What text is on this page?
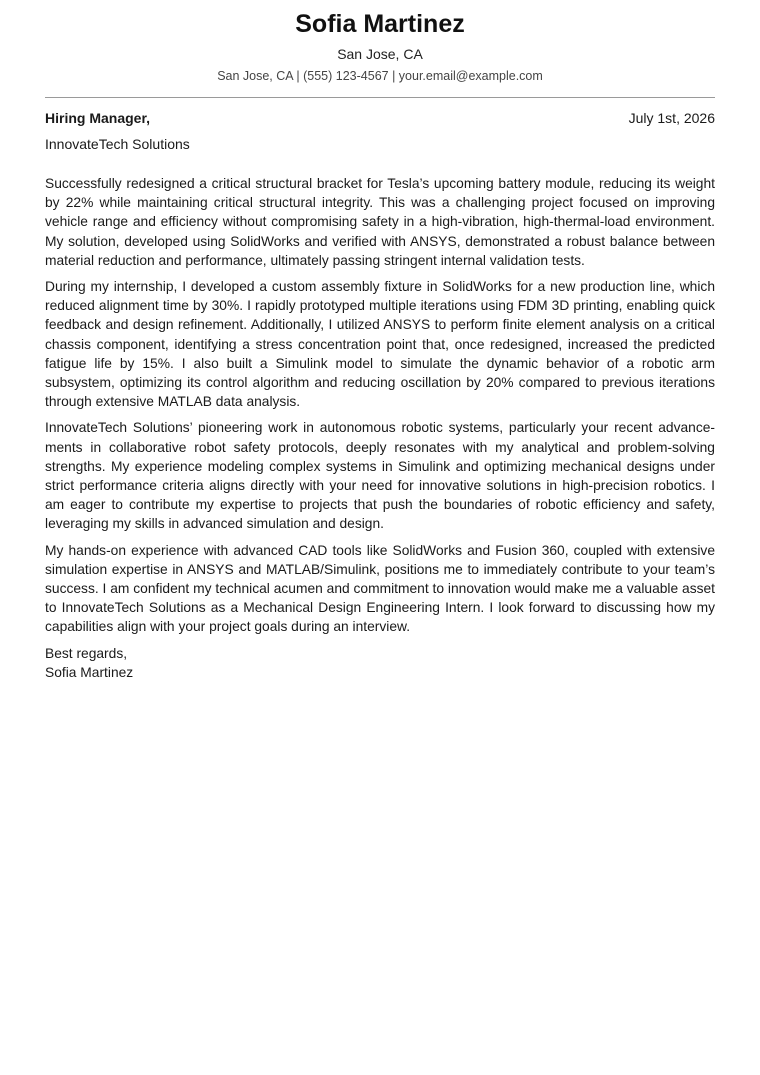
Sofia Martinez
San Jose, CA
San Jose, CA | (555) 123-4567 | your.email@example.com
Hiring Manager,	July 1st, 2026
InnovateTech Solutions

Successfully redesigned a critical structural bracket for Tesla’s upcoming battery module, reducing its weight by 22% while maintaining critical structural integrity. This was a challenging project focused on improving vehicle range and efficiency without compromising safety in a high-vibration, high-thermal-load environment. My solution, developed using SolidWorks and verified with ANSYS, demonstrated a robust balance between material reduction and performance, ultimately passing stringent internal validation tests.

During my internship, I developed a custom assembly fixture in SolidWorks for a new production line, which reduced alignment time by 30%. I rapidly prototyped multiple iterations using FDM 3D printing, enabling quick feedback and design refinement. Additionally, I utilized ANSYS to perform finite element analysis on a critical chassis component, identifying a stress concentration point that, once redesigned, increased the predicted fatigue life by 15%. I also built a Simulink model to simulate the dynamic behavior of a robotic arm subsystem, optimizing its control algorithm and reducing oscillation by 20% compared to previous iterations through extensive MATLAB data analysis.

InnovateTech Solutions’ pioneering work in autonomous robotic systems, particularly your recent advancements in collaborative robot safety protocols, deeply resonates with my analytical and problem-solving strengths. My experience modeling complex systems in Simulink and optimizing mechanical designs under strict performance criteria aligns directly with your need for innovative solutions in high-precision robotics. I am eager to contribute my expertise to projects that push the boundaries of robotic efficiency and safety, leveraging my skills in advanced simulation and design.

My hands-on experience with advanced CAD tools like SolidWorks and Fusion 360, coupled with extensive simulation expertise in ANSYS and MATLAB/Simulink, positions me to immediately contribute to your team’s success. I am confident my technical acumen and commitment to innovation would make me a valuable asset to InnovateTech Solutions as a Mechanical Design Engineering Intern. I look forward to discussing how my capabilities align with your project goals during an interview.

Best regards,
Sofia Martinez
